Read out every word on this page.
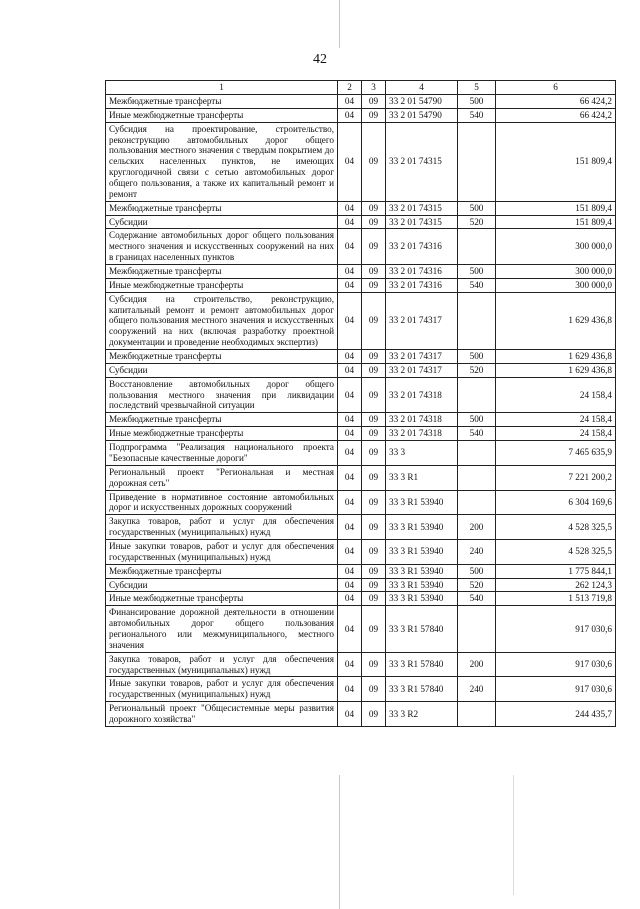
42
1	2	3	4	5	6
Межбюджетные трансферты	04	09	33 2 01 54790	500	66 424,2
Иные межбюджетные трансферты	04	09	33 2 01 54790	540	66 424,2
Субсидия на проектирование, строительство, реконструкцию автомобильных дорог общего пользования местного значения с твердым покрытием до сельских населенных пунктов, не имеющих круглогодичной связи с сетью автомобильных дорог общего пользования, а также их капитальный ремонт и ремонт	04	09	33 2 01 74315		151 809,4
Межбюджетные трансферты	04	09	33 2 01 74315	500	151 809,4
Субсидии	04	09	33 2 01 74315	520	151 809,4
Содержание автомобильных дорог общего пользования местного значения и искусственных сооружений на них в границах населенных пунктов	04	09	33 2 01 74316		300 000,0
Межбюджетные трансферты	04	09	33 2 01 74316	500	300 000,0
Иные межбюджетные трансферты	04	09	33 2 01 74316	540	300 000,0
Субсидия на строительство, реконструкцию, капитальный ремонт и ремонт автомобильных дорог общего пользования местного значения и искусственных сооружений на них (включая разработку проектной документации и проведение необходимых экспертиз)	04	09	33 2 01 74317		1 629 436,8
Межбюджетные трансферты	04	09	33 2 01 74317	500	1 629 436,8
Субсидии	04	09	33 2 01 74317	520	1 629 436,8
Восстановление автомобильных дорог общего пользования местного значения при ликвидации последствий чрезвычайной ситуации	04	09	33 2 01 74318		24 158,4
Межбюджетные трансферты	04	09	33 2 01 74318	500	24 158,4
Иные межбюджетные трансферты	04	09	33 2 01 74318	540	24 158,4
Подпрограмма "Реализация национального проекта "Безопасные качественные дороги"	04	09	33 3		7 465 635,9
Региональный проект "Региональная и местная дорожная сеть"	04	09	33 3 R1		7 221 200,2
Приведение в нормативное состояние автомобильных дорог и искусственных дорожных сооружений	04	09	33 3 R1 53940		6 304 169,6
Закупка товаров, работ и услуг для обеспечения государственных (муниципальных) нужд	04	09	33 3 R1 53940	200	4 528 325,5
Иные закупки товаров, работ и услуг для обеспечения государственных (муниципальных) нужд	04	09	33 3 R1 53940	240	4 528 325,5
Межбюджетные трансферты	04	09	33 3 R1 53940	500	1 775 844,1
Субсидии	04	09	33 3 R1 53940	520	262 124,3
Иные межбюджетные трансферты	04	09	33 3 R1 53940	540	1 513 719,8
Финансирование дорожной деятельности в отношении автомобильных дорог общего пользования регионального или межмуниципального, местного значения	04	09	33 3 R1 57840		917 030,6
Закупка товаров, работ и услуг для обеспечения государственных (муниципальных) нужд	04	09	33 3 R1 57840	200	917 030,6
Иные закупки товаров, работ и услуг для обеспечения государственных (муниципальных) нужд	04	09	33 3 R1 57840	240	917 030,6
Региональный проект "Общесистемные меры развития дорожного хозяйства"	04	09	33 3 R2		244 435,7
